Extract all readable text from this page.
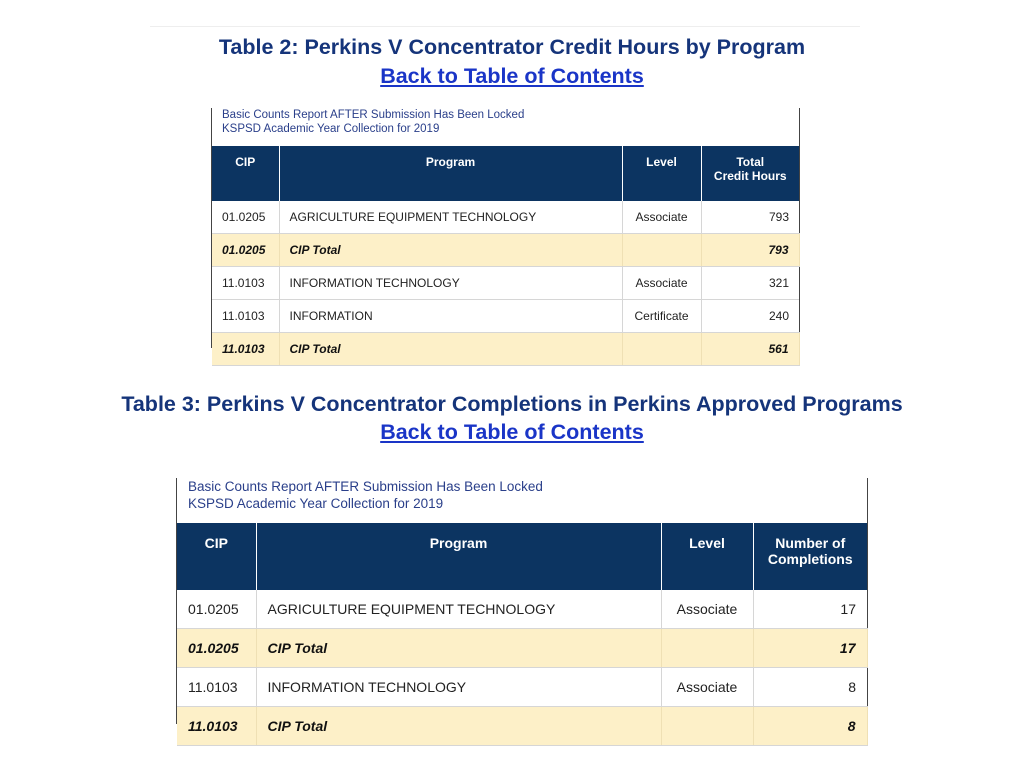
Table 2: Perkins V Concentrator Credit Hours by Program
Back to Table of Contents
Basic Counts Report AFTER Submission Has Been Locked
KSPSD Academic Year Collection for 2019
CIP	Program	Level	Total
Credit Hours

01.0205	AGRICULTURE EQUIPMENT TECHNOLOGY	Associate	793
01.0205	CIP Total		793
11.0103	INFORMATION TECHNOLOGY	Associate	321
11.0103	INFORMATION	Certificate	240
11.0103	CIP Total		561
Table 3: Perkins V Concentrator Completions in Perkins Approved Programs
Back to Table of Contents
Basic Counts Report AFTER Submission Has Been Locked
KSPSD Academic Year Collection for 2019
CIP	Program	Level	Number of
Completions

01.0205	AGRICULTURE EQUIPMENT TECHNOLOGY	Associate	17
01.0205	CIP Total		17
11.0103	INFORMATION TECHNOLOGY	Associate	8
11.0103	CIP Total		8
